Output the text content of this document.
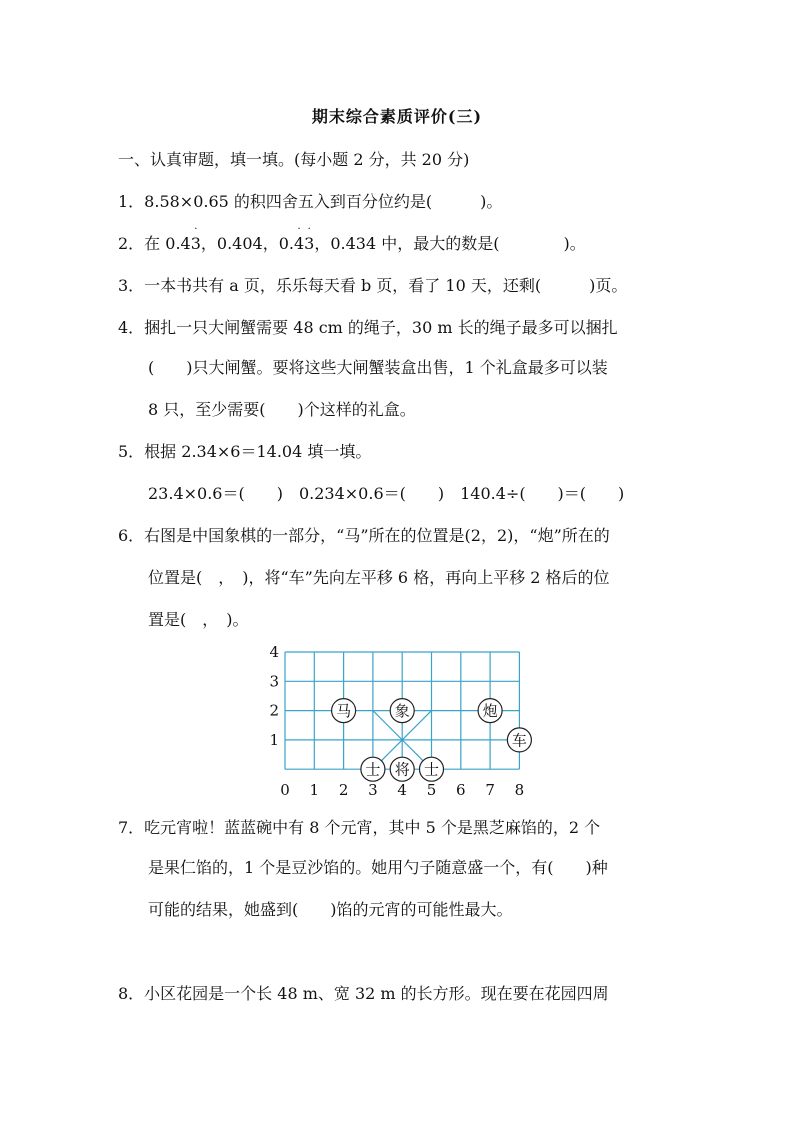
期末综合素质评价(三)
一、认真审题，填一填。(每小题 2 分，共 20 分)
1．8.58×0.65 的积四舍五入到百分位约是(　　　)。
2．在 0.4
·
3，0.404，0.
·
4
·
3，0.434 中，最大的数是(　　　　)。
3．一本书共有 a 页，乐乐每天看 b 页，看了 10 天，还剩(　　　)页。
4．捆扎一只大闸蟹需要 48 cm 的绳子，30 m 长的绳子最多可以捆扎
(　　)只大闸蟹。要将这些大闸蟹装盒出售，1 个礼盒最多可以装
8 只，至少需要(　　)个这样的礼盒。
5．根据 2.34×6＝14.04 填一填。
23.4×0.6＝(　　)　0.234×0.6＝(　　)　140.4÷(　　)＝(　　)
6．右图是中国象棋的一部分，“马”所在的位置是(2，2)，“炮”所在的
位置是(　，　)，将“车”先向左平移 6 格，再向上平移 2 格后的位
置是(　，　)。
0 1 2 3 4 5 6 7 8
1
2
3
4
马	象	炮
车
士 将 士
7．吃元宵啦！蓝蓝碗中有 8 个元宵，其中 5 个是黑芝麻馅的，2 个
是果仁馅的，1 个是豆沙馅的。她用勺子随意盛一个，有(　　)种
可能的结果，她盛到(　　)馅的元宵的可能性最大。
8．小区花园是一个长 48 m、宽 32 m 的长方形。现在要在花园四周
